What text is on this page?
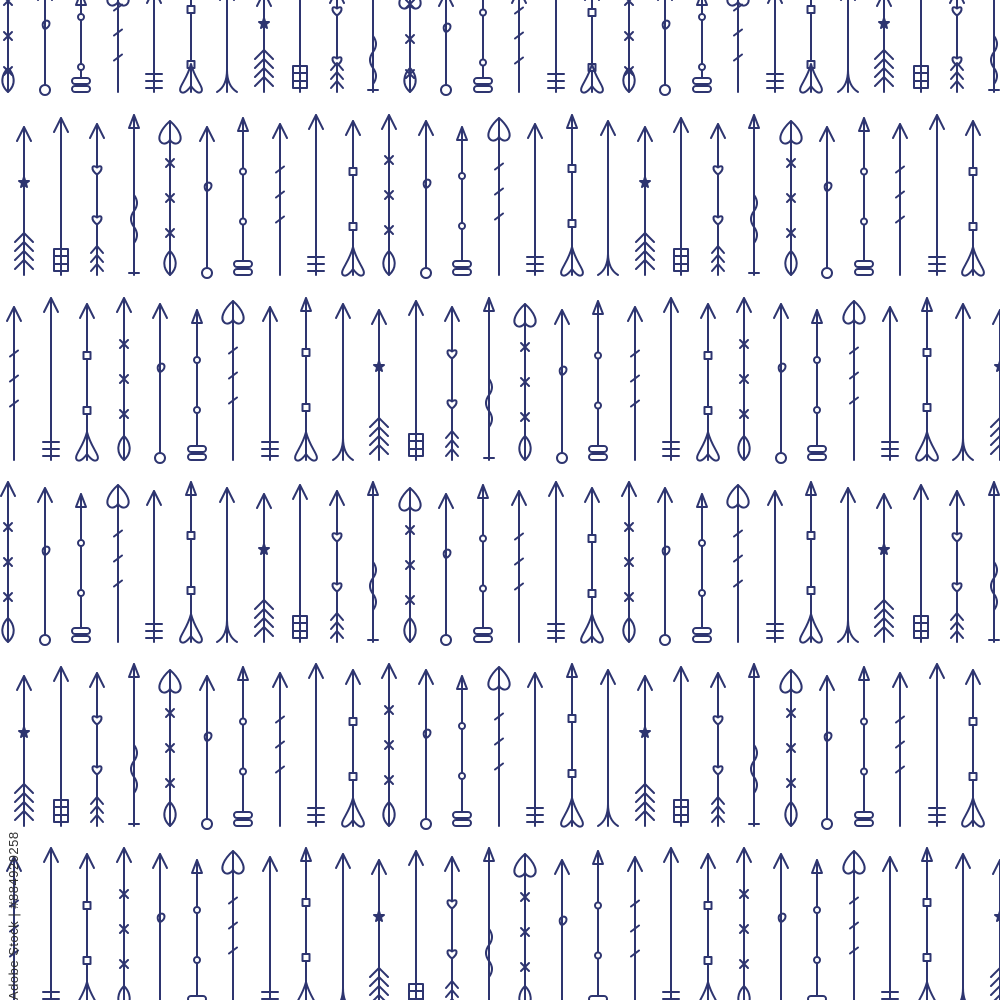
Adobe Stock | #884929258
